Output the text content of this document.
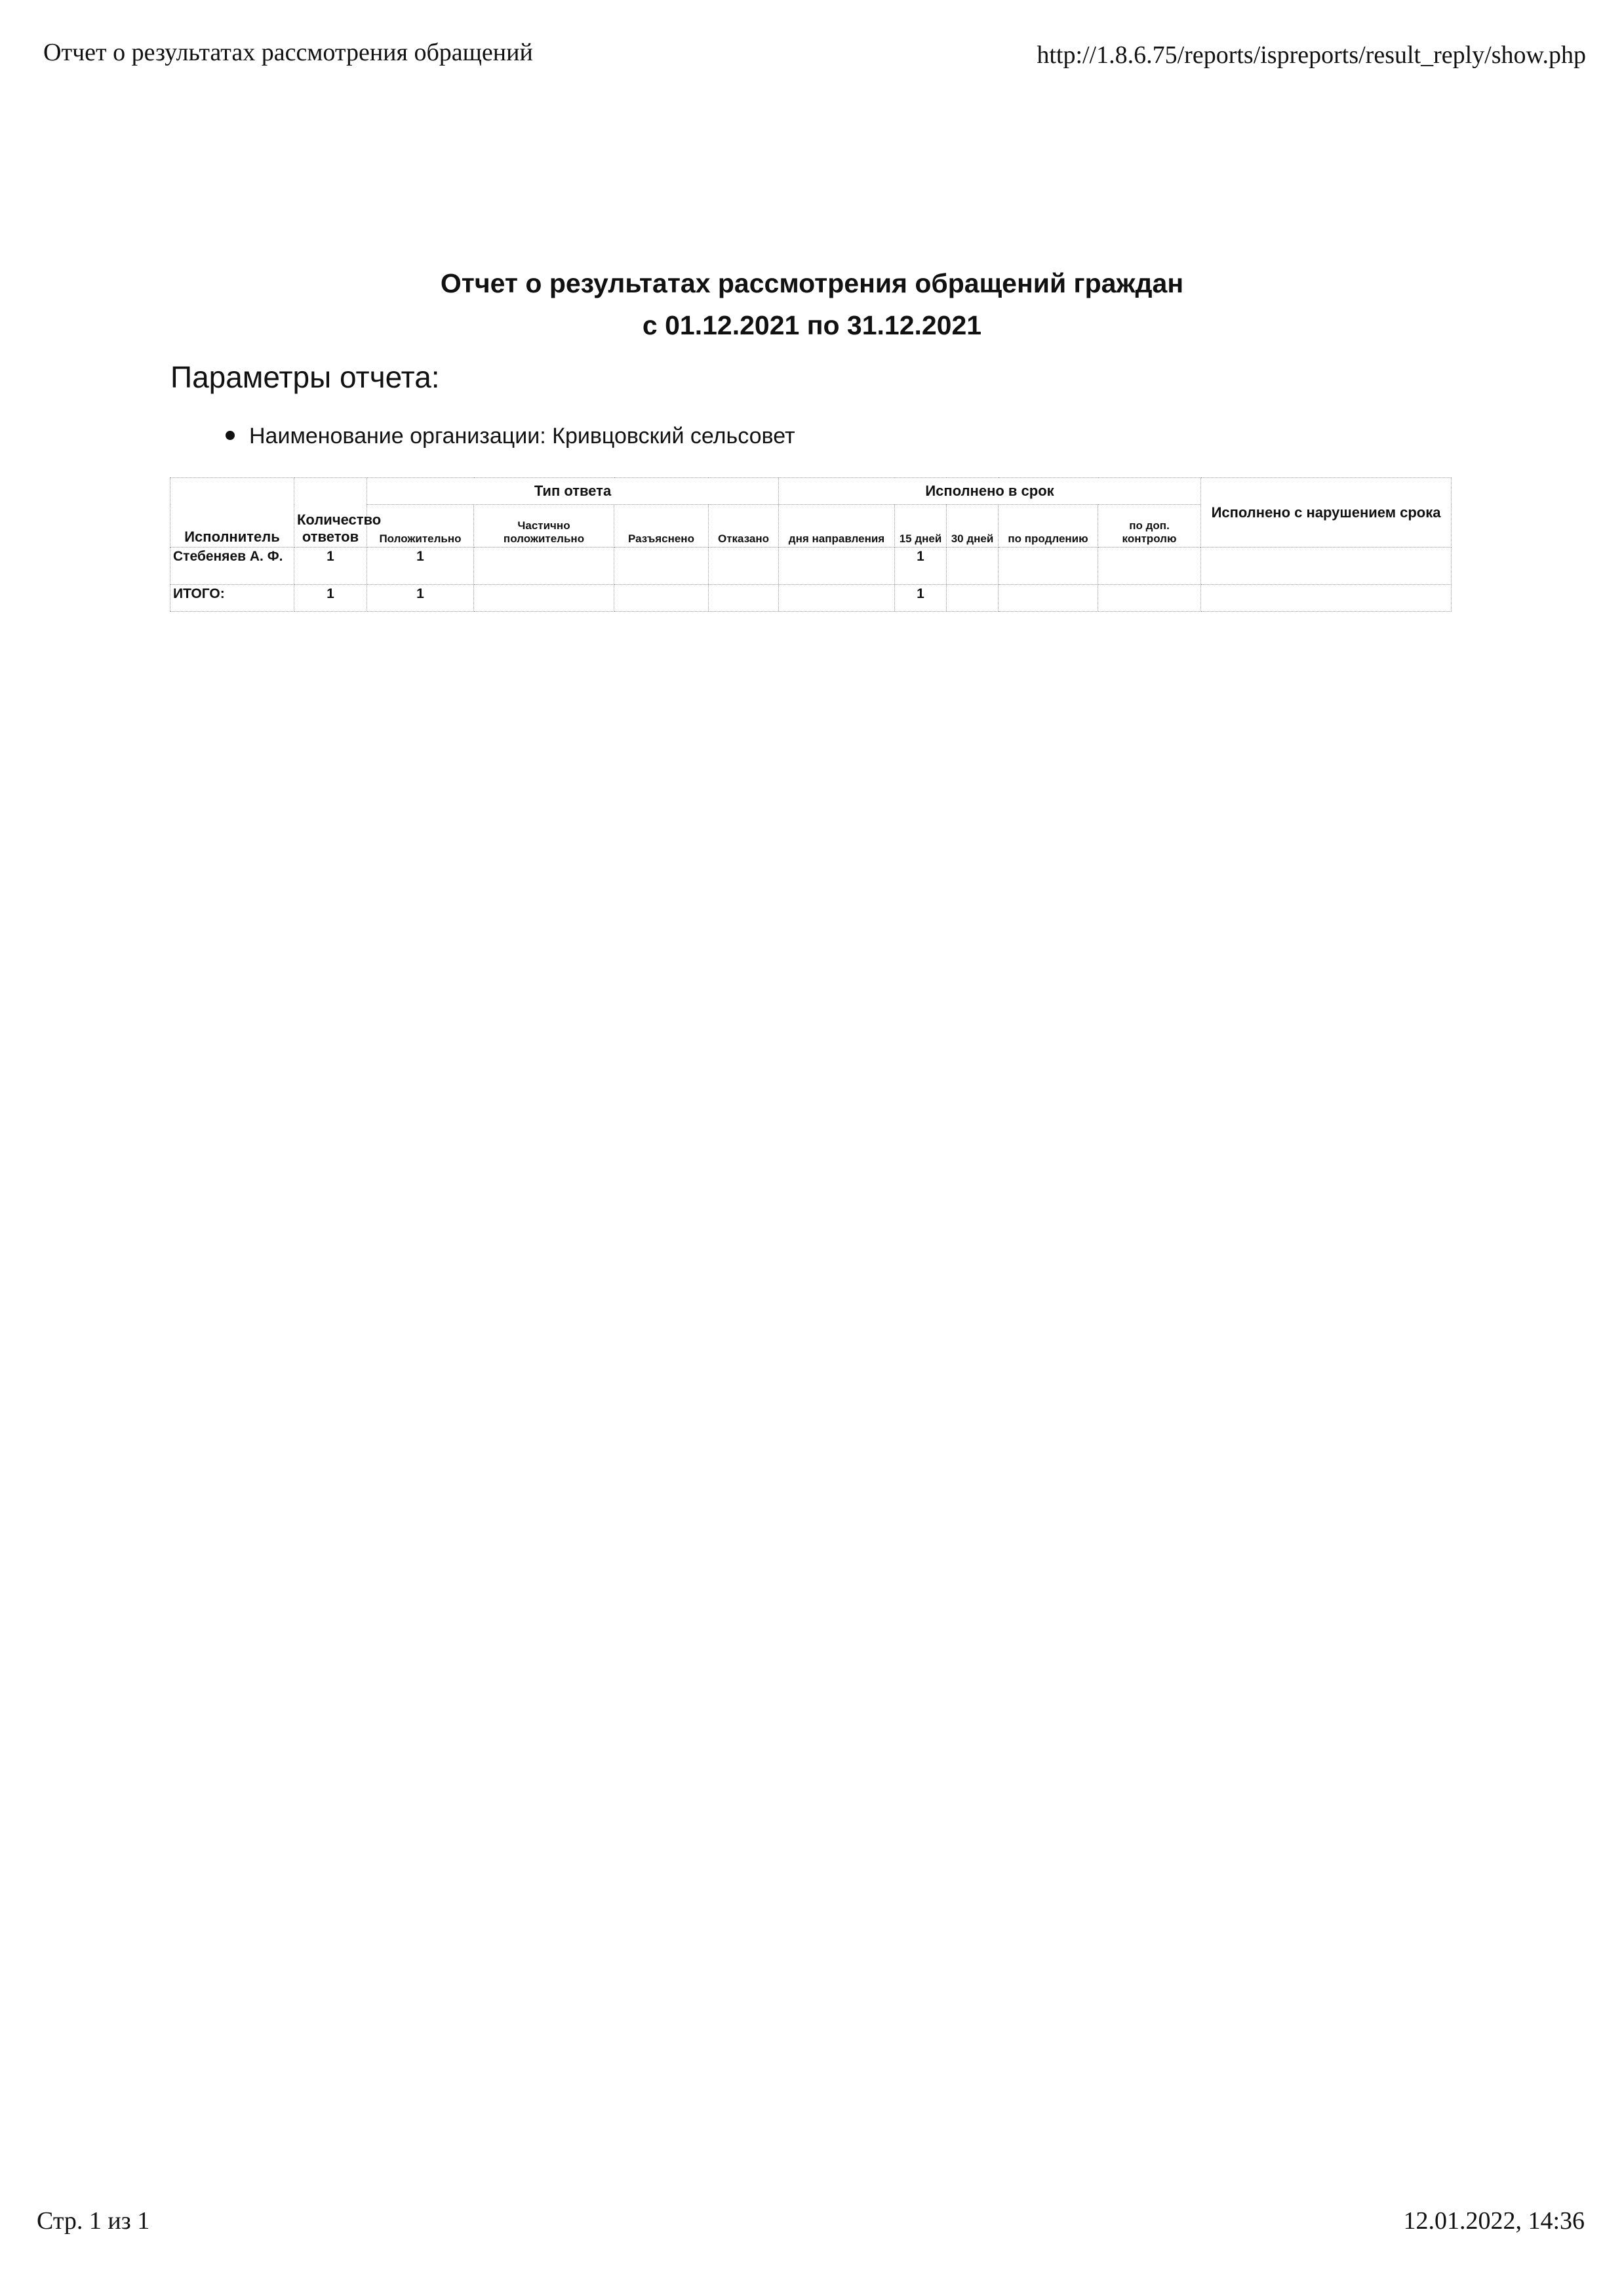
Отчет о результатах рассмотрения обращений	http://1.8.6.75/reports/ispreports/result_reply/show.php
Отчет о результатах рассмотрения обращений граждан
с 01.12.2021 по 31.12.2021
Параметры отчета:
Наименование организации: Кривцовский сельсовет
Исполнитель	Количество ответов	Тип ответа				Исполнено в срок					Исполнено с нарушением срока
		Положительно	Частично положительно	Разъяснено	Отказано	дня направления	15 дней	30 дней	по продлению	по доп. контролю	
Стебеняев А. Ф.	1	1					1				
ИТОГО:	1	1					1				
Стр. 1 из 1	12.01.2022, 14:36
